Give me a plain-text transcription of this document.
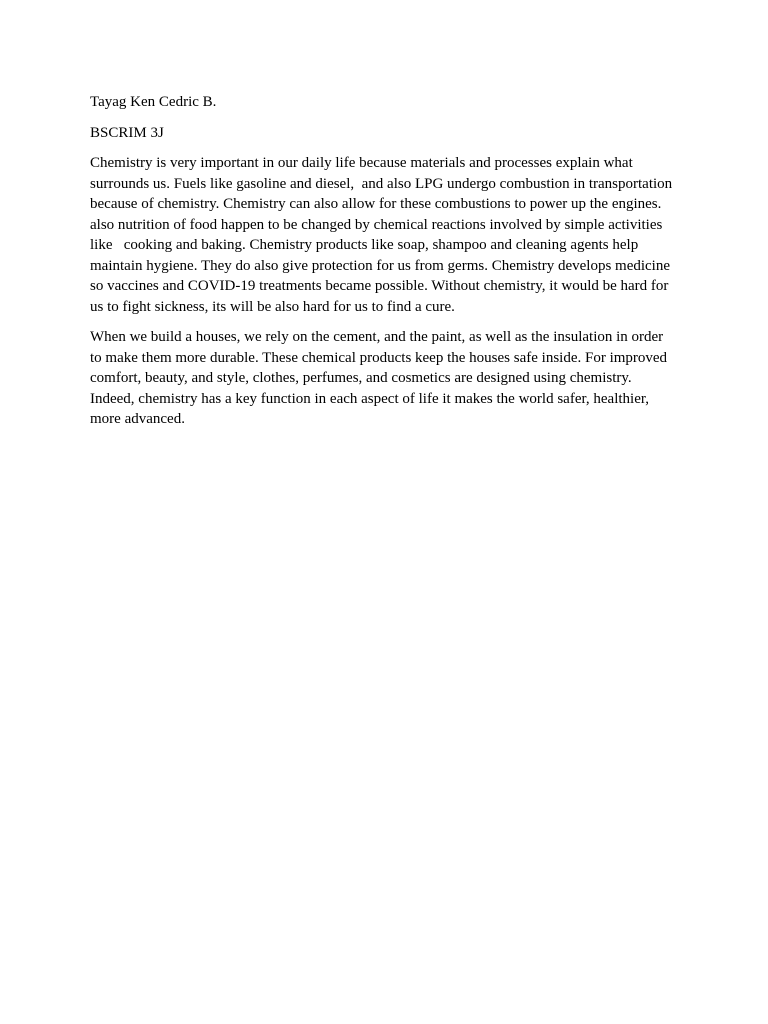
Tayag Ken Cedric B.

BSCRIM 3J

Chemistry is very important in our daily life because materials and processes explain what
surrounds us. Fuels like gasoline and diesel,  and also LPG undergo combustion in transportation
because of chemistry. Chemistry can also allow for these combustions to power up the engines.
also nutrition of food happen to be changed by chemical reactions involved by simple activities
like   cooking and baking. Chemistry products like soap, shampoo and cleaning agents help
maintain hygiene. They do also give protection for us from germs. Chemistry develops medicine
so vaccines and COVID-19 treatments became possible. Without chemistry, it would be hard for
us to fight sickness, its will be also hard for us to find a cure.
When we build a houses, we rely on the cement, and the paint, as well as the insulation in order
to make them more durable. These chemical products keep the houses safe inside. For improved
comfort, beauty, and style, clothes, perfumes, and cosmetics are designed using chemistry.
Indeed, chemistry has a key function in each aspect of life it makes the world safer, healthier,
more advanced.
